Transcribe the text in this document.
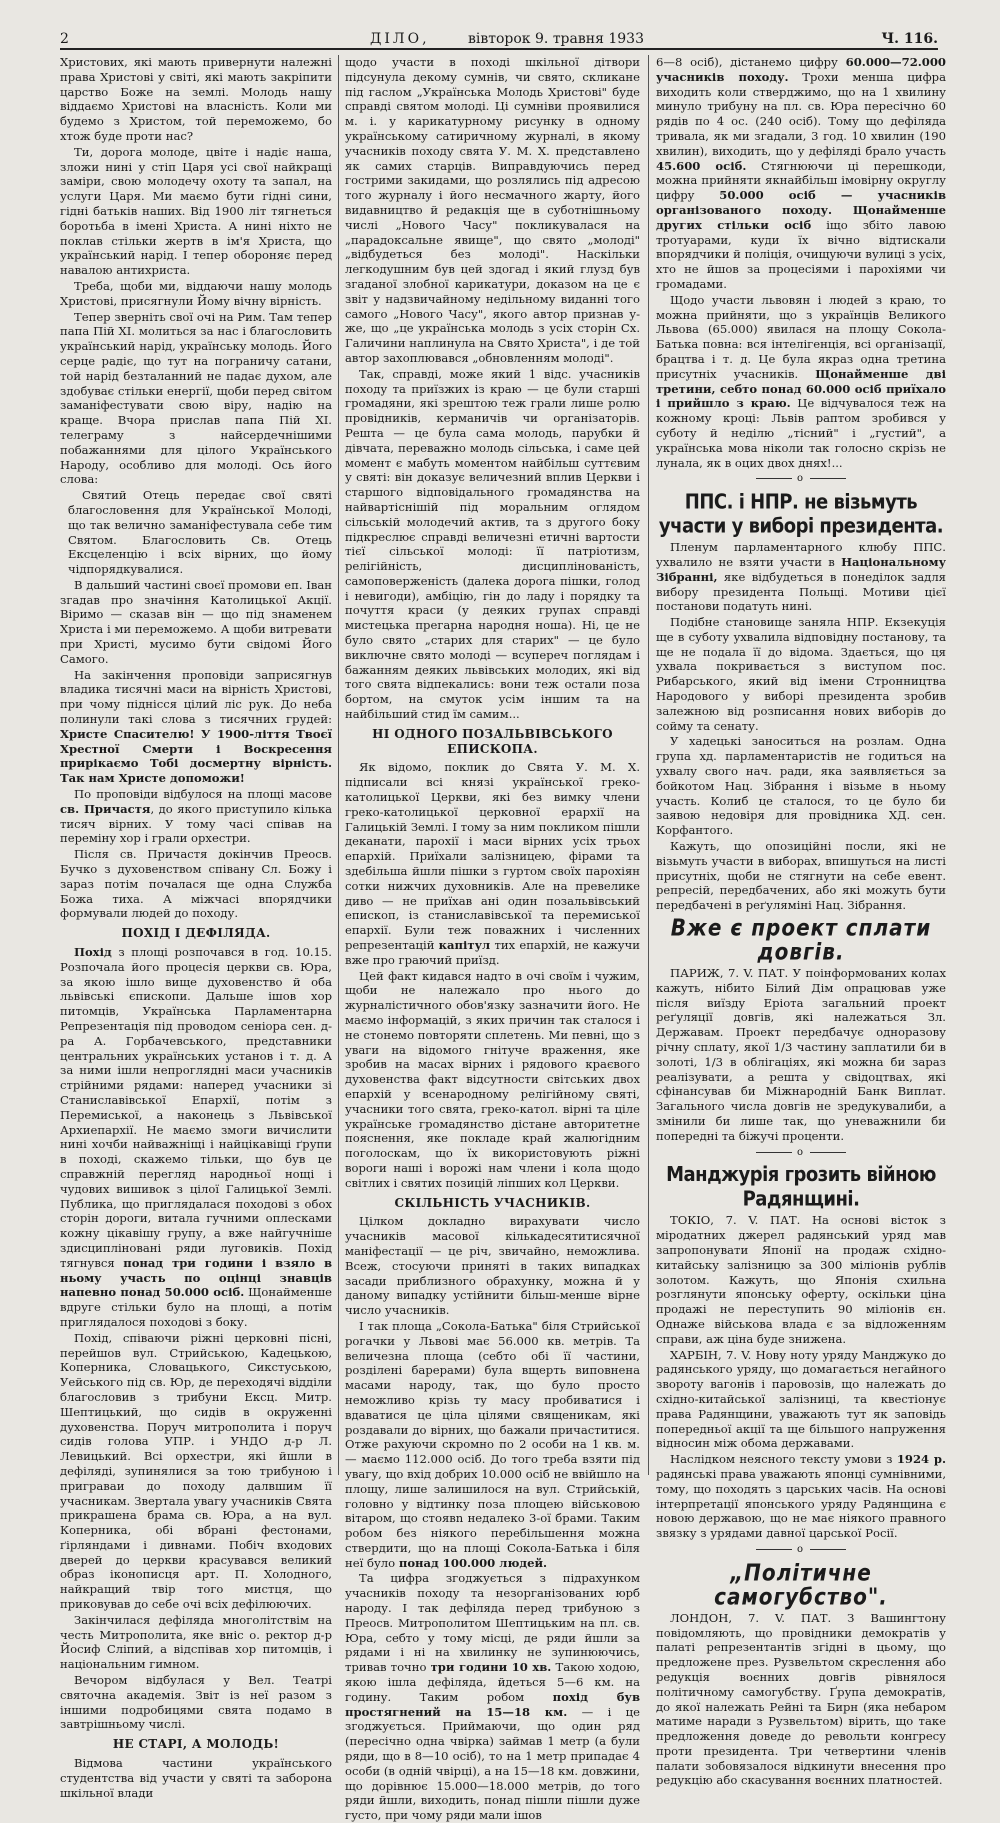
2	ДІЛО,	вівторок 9. травня 1933	Ч. 116.

Христових, які мають привернути належні права Христові у світі, які мають закріпити царство Боже на землі. Молодь нашу віддаємо Христові на власність. Коли ми будемо з Христом, той переможемо, бо хтож буде проти нас?

Ти, дорога молоде, цвіте і надіє наша, зложи нині у стіп Царя усі свої найкращі заміри, свою молодечу охоту та запал, на услуги Царя. Ми маємо бути гідні сини, гідні батьків наших. Від 1900 літ тягнеться боротьба в імені Христа. А нині ніхто не поклав стільки жертв в ім'я Христа, що український нарід. І тепер обороняє перед навалою антихриста.

Треба, щоби ми, віддаючи нашу молодь Христові, присягнули Йому вічну вірність.

Тепер зверніть свої очі на Рим. Там тепер папа Пій XI. молиться за нас і благословить український нарід, українську молодь. Його серце радіє, що тут на пограничу сатани, той нарід безталанний не падає духом, але здобуває стільки енергії, щоби перед світом заманіфестувати свою віру, надію на краще. Вчора прислав папа Пій XI. телеграму з найсердечнішими побажаннями для цілого Українського Народу, особливо для молоді. Ось його слова:

Святий Отець передає свої святі благословення для Української Молоді, що так величнo заманіфестувала себе тим Святом. Благословить Св. Отець Ексцеленцію і всіх вірних, що йому чідпорядкувалися.

В дальший частині своєї промови еп. Іван згадав про значіння Католицької Акції. Віримо — сказав він — що під знаменем Христа і ми переможемо. А щоби витревати при Христі, мусимо бути свідомі Його Самого.

На закінчення проповіди заприсягнув владика тисячні маси на вірність Христові, при чому піднісся цілий ліс рук. До неба полинули такі слова з тисячних грудей: Христе Спасителю! У 1900-ліття Твоєї Хрестної Смерти і Воскресення прирікаємо Тобі досмертну вірність. Так нам Христе допоможи!

По проповіди відбулося на площі масове св. Причастя, до якого приступило кілька тисяч вірних. У тому часі співав на переміну хор і грали орхестри.

Після св. Причастя докінчив Преосв. Бучко з духовенством співану Сл. Божу і зараз потім почалася ще одна Служба Божа тиха. А міжчасі впорядчики формували людей до походу.

ПОХІД І ДЕФІЛЯДА.

Похід з площі розпочався в год. 10.15. Розпочала його процесія церкви св. Юра, за якою ішло вище духовенство й оба львівські єпископи. Дальше ішов хор питомців, Українська Парламентарна Репрезентація під проводом сеніора сен. д-ра А. Горбачевського, представники центральних українських установ і т. д. А за ними ішли непроглядні маси учасників стрійними рядами: наперед учасники зі Станиславівської Епархії, потім з Перемиської, а наконець з Львівської Архиепархії. Не маємо змоги вичислити нині хочби найважніщі і найцікавіщі ґрупи в поході, скажемо тільки, що був це справжній перегляд народньої нощі і чудових вишивок з цілої Галицької Землі. Публика, що приглядалася походові з обох сторін дороги, витала гучними оплесками кожну цікавішу групу, а вже найгучніше здисциплінованi ряди луговиків. Похід тягнувся понад три години і взяло в ньому участь по оцінці знавців напевно понад 50.000 осіб. Щонайменше вдруге стільки було на площі, а потім приглядалося походові з боку.

Похід, співаючи ріжні церковні пісні, перейшов вул. Стрийською, Кадецькою, Коперника, Словацького, Сикстуською, Уейського під св. Юр, де переходячі відділи благословив з трибуни Ексц. Митр. Шептицький, що сидів в окруженні духовенства. Поруч митрополита і поруч сидів голова УПР. і УНДО д-р Л. Левицький. Всі орхестри, які йшли в дефіляді, зупинялися за тою трибуною і приграваи до походу далвшим її учасникам. Звертала увагу учасників Свята прикрашена брама св. Юра, а на вул. Коперника, обі вбрані фестонами, ґірляндами і дивнами. Побіч входових дверей до церкви красувався великий образ іконописця арт. П. Холодного, найкращий твір того мистця, що приковував до себе очі всіх дефілюючих.

Закінчилася дефіляда многолітствім на честь Митрополита, яке вніс о. ректор д-р Йосиф Сліпий, а відспівав хор питомців, і національним гимном.

Вечором відбулася у Вел. Театрі святочна академія. Звіт із неї разом з іншими подробицями свята подамо в завтрішньому числі.

НЕ СТАРІ, А МОЛОДЬ!

Відмова частини українського студентства від участи у святі та заборона шкільної влади

щодо участи в поході шкільної дітвори підсунула декому сумнів, чи свято, скликане під гаслом „Українська Молодь Христові" буде справді святом молоді. Ці сумніви проявилися м. і. у карикатурному рисунку в одному українському сатиричному журналі, в якому учасників походу свята У. М. Х. представлено як самих старців. Виправдуючись перед гострими закидами, що розлялись під адресою того журналу і його несмачного жарту, його видавництво й редакція ще в суботнішньому числі „Нового Часу" покликувалася на „парадоксальне явище", що свято „молоді" „відбудеться без молоді". Наскільки легкодушним був цей здогад і який глузд був згаданої злобної карикатури, доказом на це є звіт у надзвичайному недільному виданні того самого „Нового Часу", якого автор признав уже, що „це українська молодь з усіх сторін Сх. Галичини наплинула на Свято Христа", і де той автор захоплювався „обновленням молоді".

Так, справді, може який 1 відс. учасників походу та приїзжих із краю — це були старші громадяни, які зрештою теж грали лише ролю провідників, керманичів чи організаторів. Решта — це була сама молодь, парубки й дівчата, переважно молодь сільська, і саме цей момент є мабуть моментом найбільш суттєвим у святі: він доказує величезний вплив Церкви і старшого відповідального громадянства на найвартіснішій під моральним оглядом сільській молодечий актив, та з другого боку підкреслює справді величезні етичні вартости тієї сільської молоді: її патріотизм, релігійність, дисциплінованість, самоповерженість (далека дорога пішки, голод і невигоди), амбіцію, гін до ладу і порядку та почуття краси (у деяких групах справді мистецька прегарна народня ноша). Ні, це не було свято „старих для старих" — це було виключне свято молоді — всупереч поглядам і бажанням деяких львівських молодих, які від того свята відпекались: вони теж остали поза бортом, на смуток усім іншим та на найбільший стид їм самим...

НІ ОДНОГО ПОЗАЛЬВІВСЬКОГО ЕПИСКОПА.

Як відомо, поклик до Свята У. М. Х. підписали всі князі української греко-католицької Церкви, які без вимку члени греко-католицької церковної ерархії на Галицькій Землі. І тому за ним покликом пішли деканати, парохії і маси вірних усіх трьох епархій. Приїхали залізницею, фірами та здебільша йшли пішки з гуртом своїх парохіян сотки нижчих духовників. Але на превелике диво — не приїхав ані один позальвівський епископ, із станиславівської та перемиської епархії. Були теж поважних і численних репрезентацій капітул тих епархій, не кажучи вже про граючий приїзд.

Цей факт кидався надто в очі своїм і чужим, щоби не належало про нього до журналістичного обов'язку зазначити його. Не маємо інформацій, з яких причин так сталося і не стонемо повторяти сплетень. Ми певні, що з уваги на відомого гнітуче враження, яке зробив на масах вірних і рядового краєвого духовенства факт відсутности світських двох епархій у всенародному релігійному святі, учасники того свята, греко-катол. вірні та ціле українське громадянство дістане авторитетне пояснення, яке покладе край жалюгідним поголоскам, що їх використовують ріжні вороги наші і ворожі нам члени і кола щодо світлих і святих позицій ліпших кол Церкви.

СКІЛЬНІСТЬ УЧАСНИКІВ.

Цілком докладно вирахувати число учасників масової кількадесятитисячної маніфестації — це річ, звичайно, неможлива. Всеж, стосуючи приняті в таких випадках засади приблизного обрахунку, можна й у даному випадку устійнити більш-менше вірне число учасників.

І так площа „Сокола-Батька" біля Стрийської рогачки у Львові має 56.000 кв. метрів. Та величезна площа (себто обі її частини, розділені барерами) була вщерть виповнена масами народу, так, що було просто неможливо крізь ту масу пробиватися і вдаватися це ціла цілями священикам, які роздавали до вірних, що бажали причаститися. Отже рахуючи скромно по 2 особи на 1 кв. м. — маємо 112.000 осіб. До того треба взяти під увагу, що вхід добрих 10.000 осіб не ввійшло на площу, лише залишилося на вул. Стрийській, головно у відтинку поза площею військовою вітаром, що стоявn недалеко 3-ої брами. Таким робом без ніякого перебільшення можна ствердити, що на площі Сокола-Батька і біля неї було понад 100.000 людей.

Та цифра згоджується з підрахунком учасників походу та незорганізованих юрб народу. І так дефіляда перед трибуною з Преосв. Митрополитом Шептицьким на пл. св. Юра, себто у тому місці, де ряди йшли за рядами і ні на хвилинку не зупинюючись, тривав точно три години 10 хв. Такою ходою, якою ішла дефіляда, йдеться 5—6 км. на годину. Таким робом похід був простягнений на 15—18 км. — і це згоджується. Приймаючи, що один ряд (пересічно одна чвірка) займав 1 метр (а були ряди, що в 8—10 осіб), то на 1 метр припадає 4 особи (в одній чвірці), а на 15—18 км. довжини, що дорівнює 15.000—18.000 метрів, до того ряди йшли, виходить, понад пішли пішли дуже густо, при чому ряди мали ішов

6—8 осіб), дістанемо цифру 60.000—72.000 учасників походу. Трохи менша цифра виходить коли стверджимо, що на 1 хвилину минуло трибуну на пл. св. Юра пересічно 60 рядів по 4 ос. (240 осіб). Тому що дефіляда тривала, як ми згадали, 3 год. 10 хвилин (190 хвилин), виходить, що у дефіляді брало участь 45.600 осіб. Стягнюючи ці перешкоди, можна прийняти якнайбільш імовірну округлу цифру 50.000 осіб — учасників організованого походу. Щонайменше других стільки осіб іщо збіто лавою тротуарами, куди їх вічно відтискали впорядчики й поліція, очищуючи вулиці з усіх, хто не йшов за процесіями і парохіями чи громадами.

Щодо участи львовян і людей з краю, то можна прийняти, що з українців Великого Львова (65.000) явилася на площу Сокола-Батька повна: вся інтелігенція, всі організації, брацтва і т. д. Це була якраз одна третина присутніх учасників. Щонайменше дві третини, себто понад 60.000 осіб приїхало і прийшло з краю. Це відчувалося теж на кожному кроці: Львів раптом зробився у суботу й неділю „тісний" і „густий", а українська мова ніколи так голосно скрізь не лунала, як в оцих двох днях!...

o
ППС. і НПР. не візьмуть участи у виборі президента.

Пленум парламентарного клюбу ППС. ухвалило не взяти участи в Національному Зібранні, яке відбудеться в понеділок задля вибору президента Польщі. Мотиви цієї постанови податуть нині.

Подібне становище заняла НПР. Екзекуція ще в суботу ухвалила відповідну постанову, та ще не подала її до відома. Здається, що ця ухвала покривається з виступом пос. Рибарського, який від імени Стронництва Народового у виборі президента зробив залежною від розписання нових виборів до сойму та сенату.

У хадецькі заноситься на розлам. Одна група хд. парламентаристів не годиться на ухвалу свого нач. ради, яка заявляється за бойкотом Нац. Зібрання і візьме в ньому участь. Колиб це сталося, то це було би заявою недовіря для провідника ХД. сен. Корфантого.

Кажуть, що опозиційні посли, які не візьмуть участи в виборах, впишуться на листі присутніх, щоби не стягнути на себе евент. репресій, передбачених, або які можуть бути передбачені в реґуляміні Нац. Зібрання.

Вже є проект сплати довгів.

ПАРИЖ, 7. V. ПАТ. У поінформованих колах кажуть, нібито Білий Дім опрацював уже після виїзду Еріота загальний проект реґуляції довгів, які належаться Зл. Державам. Проект передбачує одноразову річну сплату, якої 1/3 частину заплатили би в золоті, 1/3 в облігаціях, які можна би зараз реалізувати, а решта у свідоцтвах, які сфінансував би Міжнародній Банк Виплат. Загального числа довгів не зредукувалиби, а змінили би лише так, що уневажнили би попередні та біжучі проценти.

o
Манджурія грозить війною Радянщині.

ТОКІО, 7. V. ПАТ. На основі вісток з міродатних джерел радянський уряд мав запропонувати Японії на продаж східно-китайську залізницю за 300 міліонів рублів золотом. Кажуть, що Японія схильна розглянути японську оферту, оскільки ціна продажі не переступить 90 міліонів єн. Однаже військова влада є за відложенням справи, аж ціна буде знижена.

ХАРБІН, 7. V. Нову ноту уряду Манджуко до радянського уряду, що домагається негайного звороту вагонів і паровозів, що належать до східно-китайської залізниці, та квестіонує права Радянщини, уважають тут як заповідь попередньої акції та ще більшого напруження відносин між обома державами.

Наслідком неясного тексту умови з 1924 р. радянські права уважають японці сумнівними, тому, що походять з царських часів. На основі інтерпретації японського уряду Радянщина є новою державою, що не має ніякого правного звязку з урядами давної царської Росії.

o
„Політичне самогубство".

ЛОНДОН, 7. V. ПАТ. З Вашингтону повідомляють, що провідники демократів у палаті репрезентантів згідні в цьому, що предложене през. Рузвельтом скреслення або редукція воєнних довгів рівнялося політичному самогубству. Ґрупа демократів, до якої належать Рейні та Бирн (яка небаром матиме наради з Рузвельтом) вірить, що таке предложення доведе до револьти конгресу проти президента. Три четвертини членів палати зобовязалося відкинути внесення про редукцію або скасування воєнних платностей.
